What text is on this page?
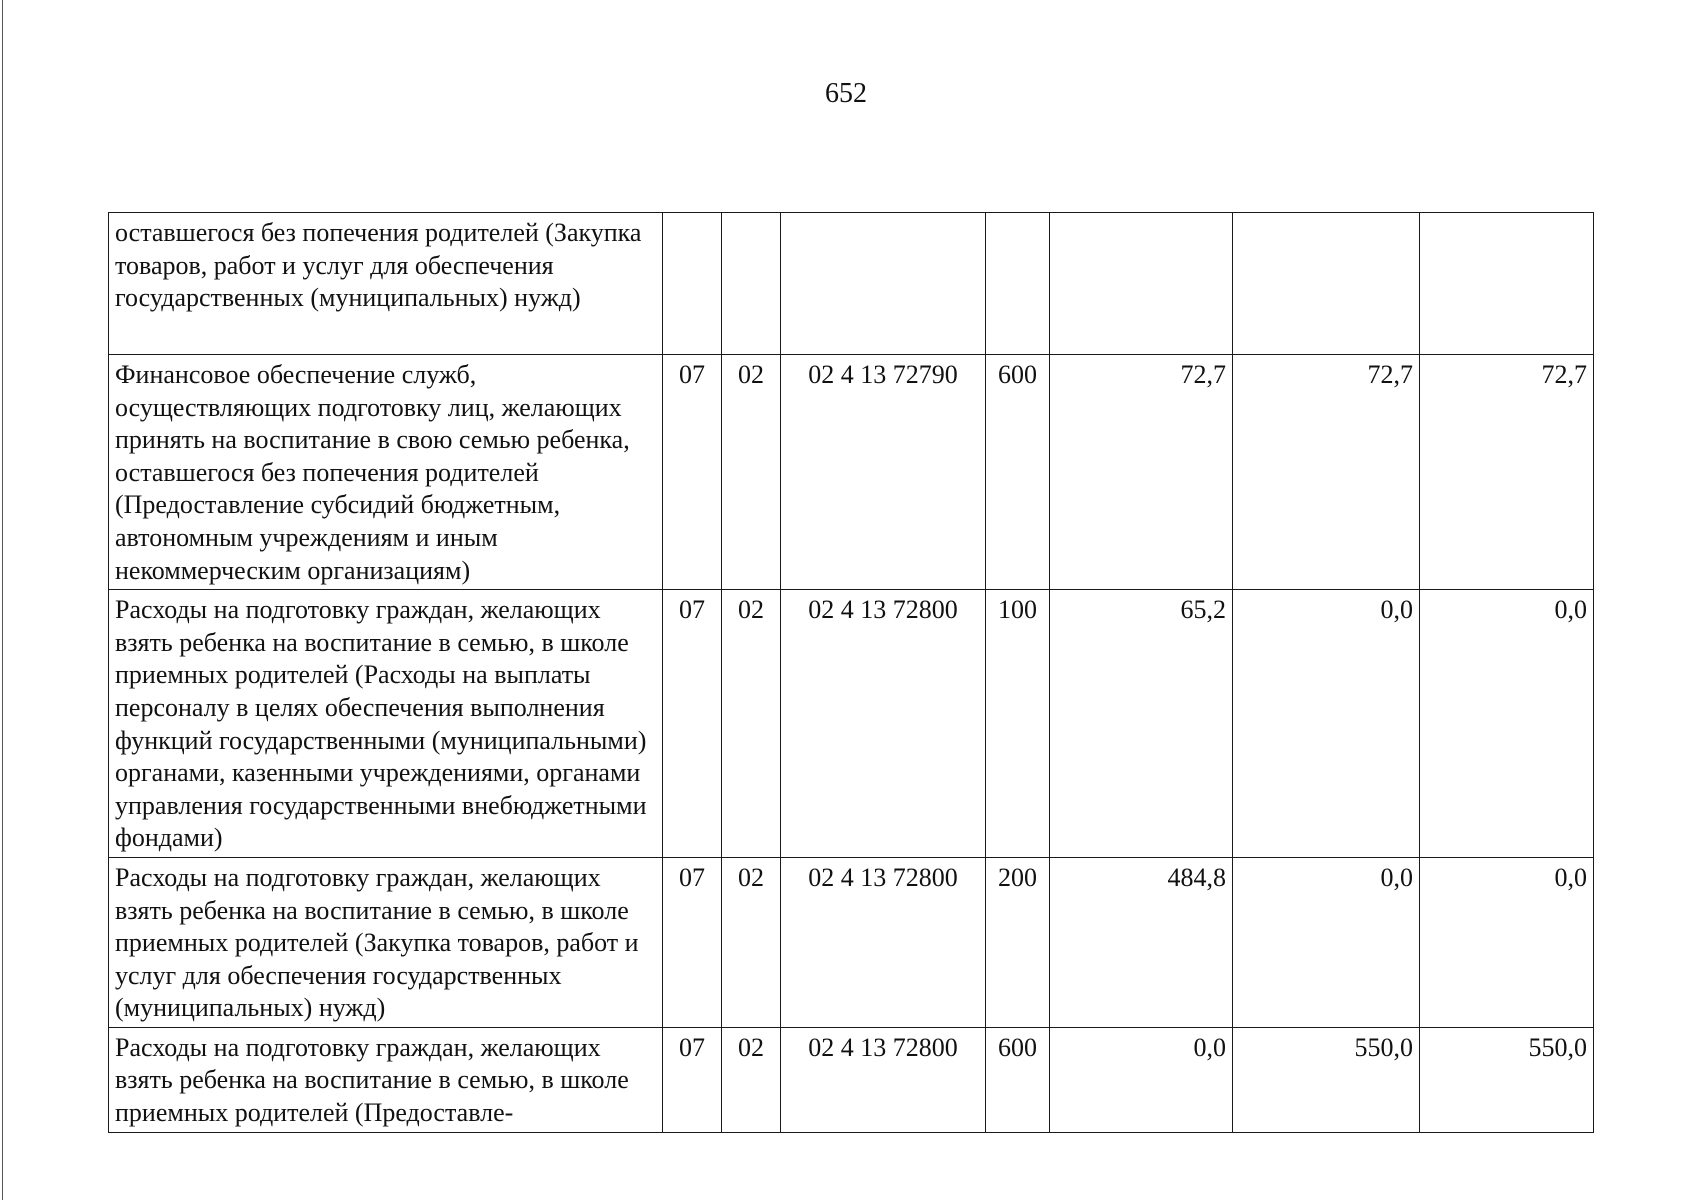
652
оставшегося без попечения родителей (Закупка товаров, работ и услуг для обеспечения государственных (муниципальных) нужд)							
Финансовое обеспечение служб, осуществляющих подготовку лиц, желающих принять на воспитание в свою семью ребенка, оставшегося без попечения родителей (Предоставление субсидий бюджетным, автономным учреждениям и иным некоммерческим организациям)	07	02	02 4 13 72790	600	72,7	72,7	72,7
Расходы на подготовку граждан, желающих взять ребенка на воспитание в семью, в школе приемных родителей (Расходы на выплаты персоналу в целях обеспечения выполнения функций государственными (муниципальными) органами, казенными учреждениями, органами управления государственными внебюджетными фондами)	07	02	02 4 13 72800	100	65,2	0,0	0,0
Расходы на подготовку граждан, желающих взять ребенка на воспитание в семью, в школе приемных родителей (Закупка товаров, работ и услуг для обеспечения государственных (муниципальных) нужд)	07	02	02 4 13 72800	200	484,8	0,0	0,0
Расходы на подготовку граждан, желающих взять ребенка на воспитание в семью, в школе приемных родителей (Предоставле-	07	02	02 4 13 72800	600	0,0	550,0	550,0
